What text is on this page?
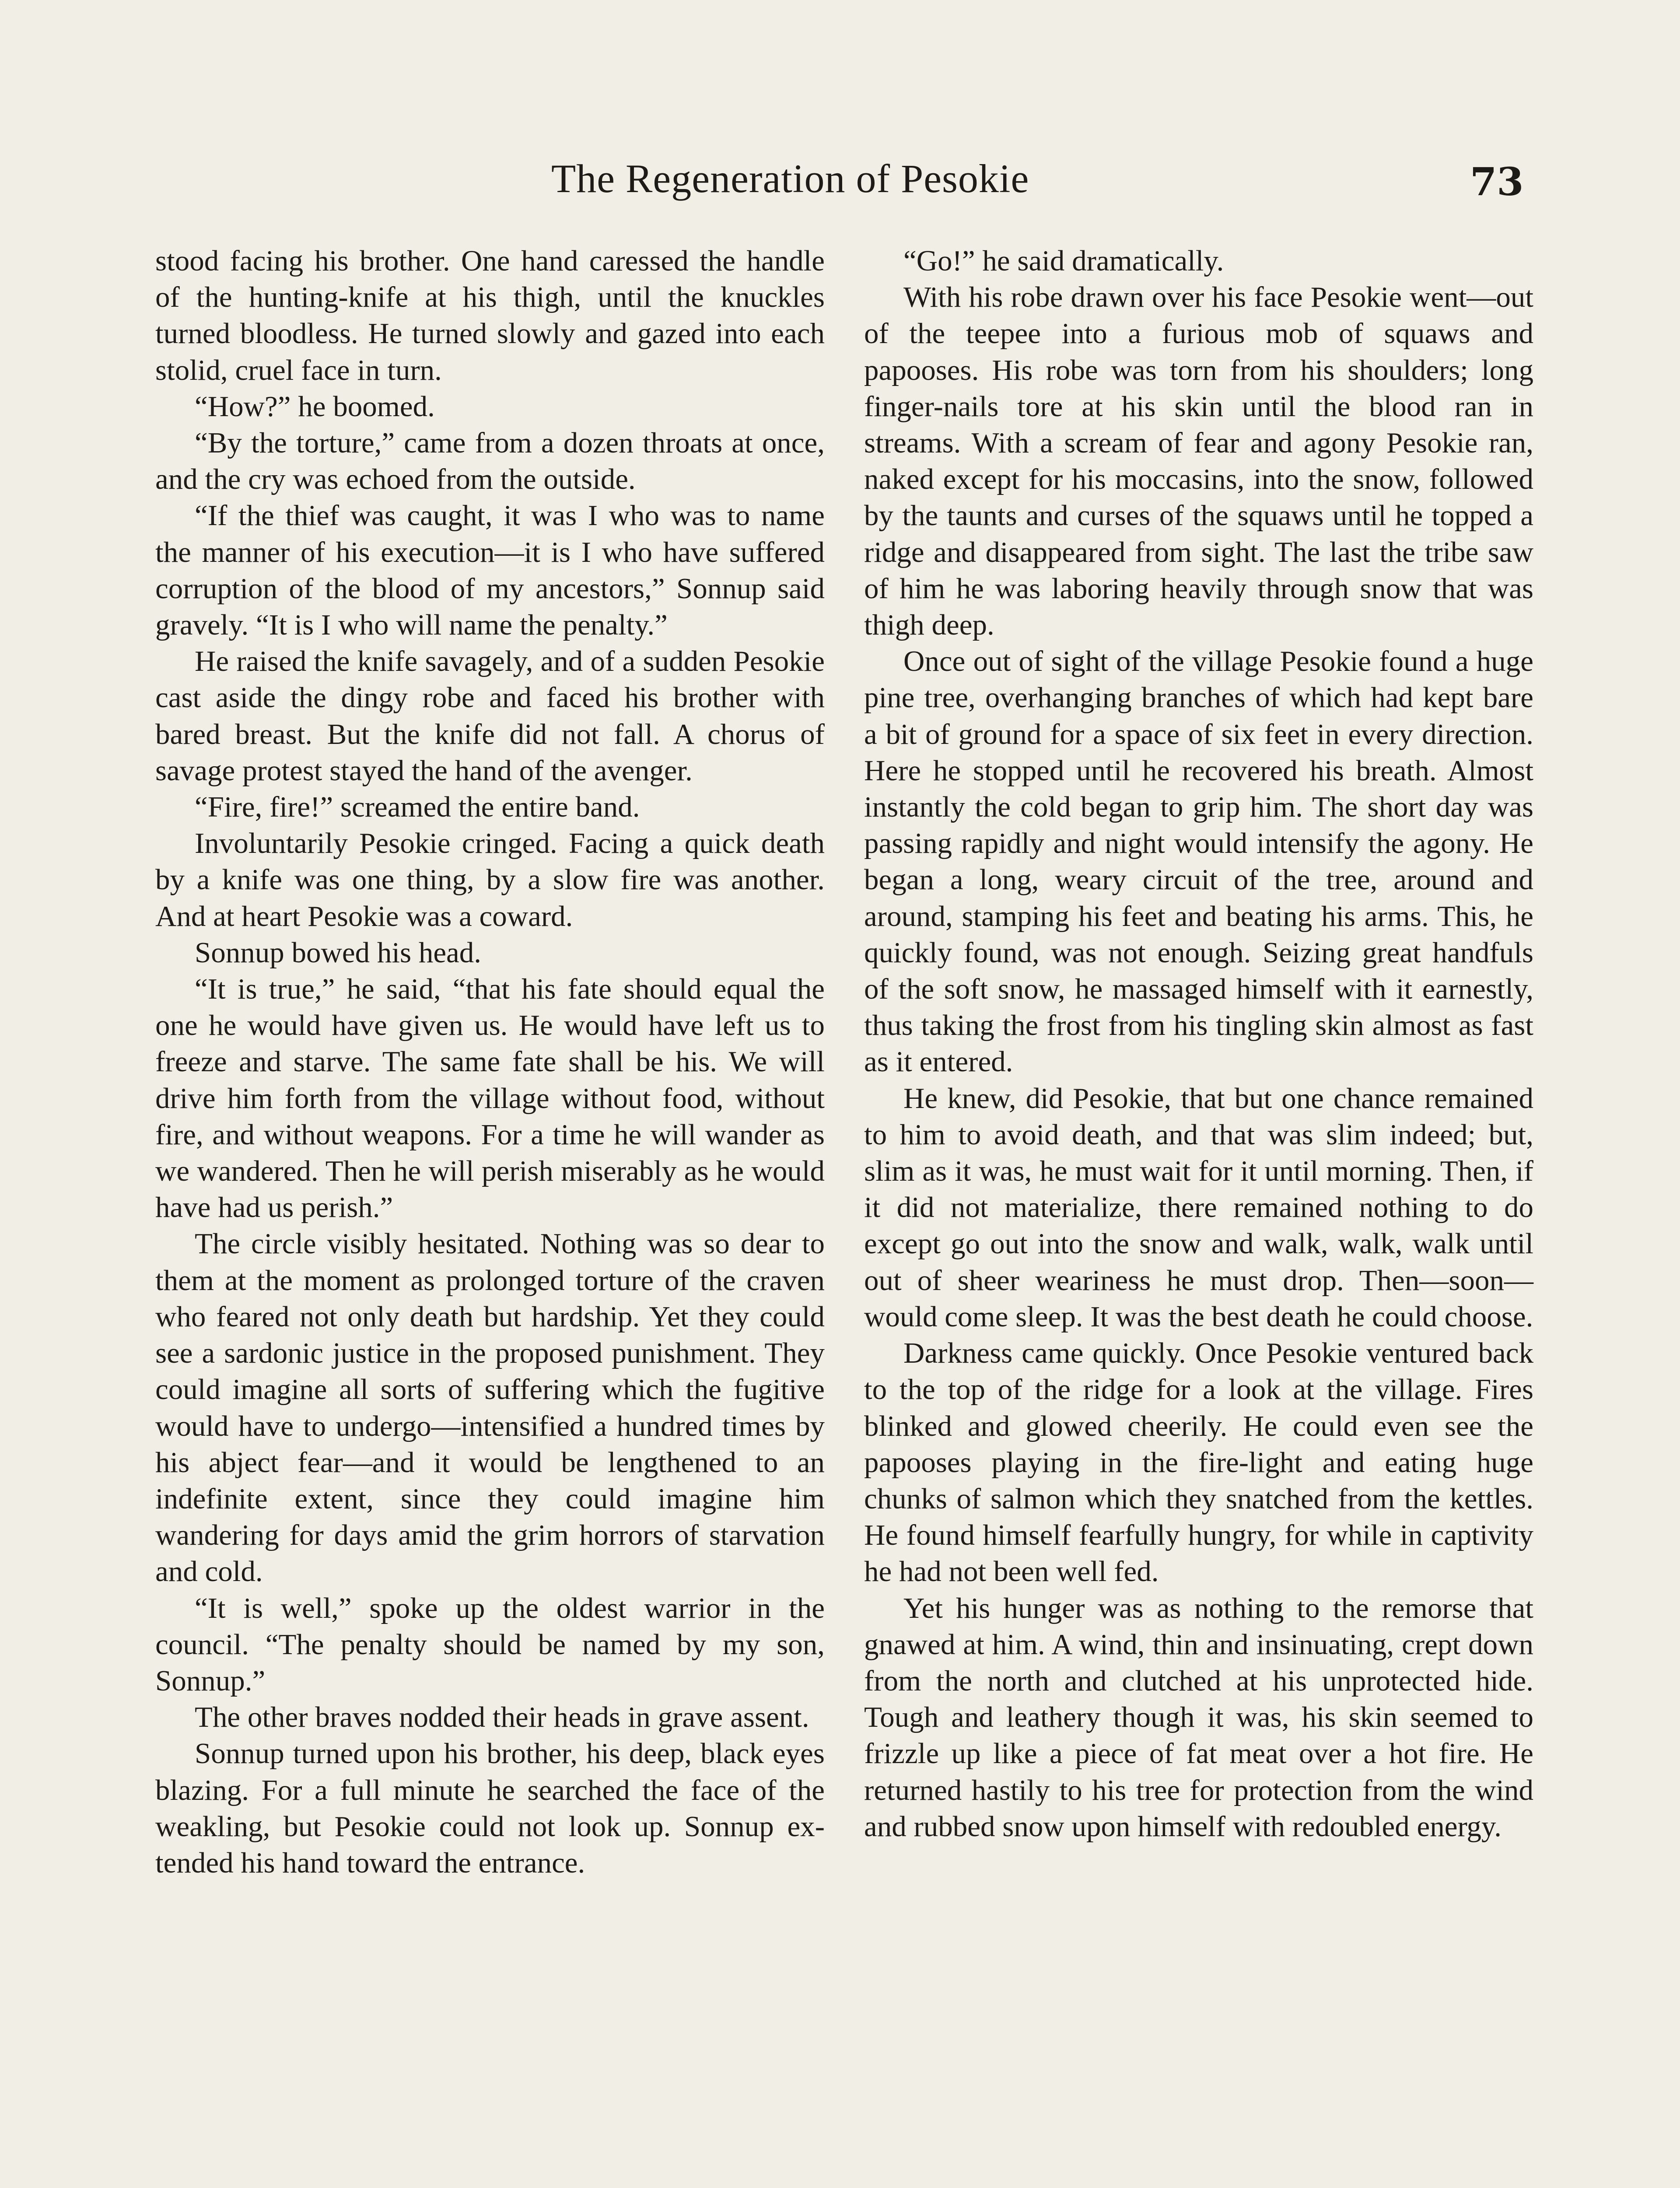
The Regeneration of Pesokie	73

stood facing his brother. One hand caressed the handle of the hunting-knife at his thigh, until the knuckles turned bloodless. He turned slowly and gazed into each stolid, cruel face in turn.

“How?” he boomed.

“By the torture,” came from a dozen throats at once, and the cry was echoed from the outside.

“If the thief was caught, it was I who was to name the manner of his execution—it is I who have suffered corruption of the blood of my ancestors,” Sonnup said gravely. “It is I who will name the penalty.”

He raised the knife savagely, and of a sudden Pesokie cast aside the dingy robe and faced his brother with bared breast. But the knife did not fall. A chorus of savage protest stayed the hand of the avenger.

“Fire, fire!” screamed the entire band.

Involuntarily Pesokie cringed. Facing a quick death by a knife was one thing, by a slow fire was another. And at heart Pesokie was a coward.

Sonnup bowed his head.

“It is true,” he said, “that his fate should equal the one he would have given us. He would have left us to freeze and starve. The same fate shall be his. We will drive him forth from the village without food, without fire, and without weapons. For a time he will wander as we wandered. Then he will perish miserably as he would have had us perish.”

The circle visibly hesitated. Nothing was so dear to them at the moment as prolonged torture of the craven who feared not only death but hardship. Yet they could see a sardonic justice in the proposed punishment. They could imagine all sorts of suffering which the fugitive would have to undergo—intensified a hundred times by his abject fear—and it would be lengthened to an indefinite extent, since they could imagine him wandering for days amid the grim horrors of starvation and cold.

“It is well,” spoke up the oldest warrior in the council. “The penalty should be named by my son, Sonnup.”

The other braves nodded their heads in grave assent.

Sonnup turned upon his brother, his deep, black eyes blazing. For a full minute he searched the face of the weakling, but Pesokie could not look up. Sonnup extended his hand toward the entrance.

“Go!” he said dramatically.

With his robe drawn over his face Pesokie went—out of the teepee into a furious mob of squaws and papooses. His robe was torn from his shoulders; long finger-nails tore at his skin until the blood ran in streams. With a scream of fear and agony Pesokie ran, naked except for his moccasins, into the snow, followed by the taunts and curses of the squaws until he topped a ridge and disappeared from sight. The last the tribe saw of him he was laboring heavily through snow that was thigh deep.

Once out of sight of the village Pesokie found a huge pine tree, overhanging branches of which had kept bare a bit of ground for a space of six feet in every direction. Here he stopped until he recovered his breath. Almost instantly the cold began to grip him. The short day was passing rapidly and night would intensify the agony. He began a long, weary circuit of the tree, around and around, stamping his feet and beating his arms. This, he quickly found, was not enough. Seizing great handfuls of the soft snow, he massaged himself with it earnestly, thus taking the frost from his tingling skin almost as fast as it entered.

He knew, did Pesokie, that but one chance remained to him to avoid death, and that was slim indeed; but, slim as it was, he must wait for it until morning. Then, if it did not materialize, there remained nothing to do except go out into the snow and walk, walk, walk until out of sheer weariness he must drop. Then—soon—would come sleep. It was the best death he could choose.

Darkness came quickly. Once Pesokie ventured back to the top of the ridge for a look at the village. Fires blinked and glowed cheerily. He could even see the papooses playing in the fire-light and eating huge chunks of salmon which they snatched from the kettles. He found himself fearfully hungry, for while in captivity he had not been well fed.

Yet his hunger was as nothing to the remorse that gnawed at him. A wind, thin and insinuating, crept down from the north and clutched at his unprotected hide. Tough and leathery though it was, his skin seemed to frizzle up like a piece of fat meat over a hot fire. He returned hastily to his tree for protection from the wind and rubbed snow upon himself with redoubled energy.
